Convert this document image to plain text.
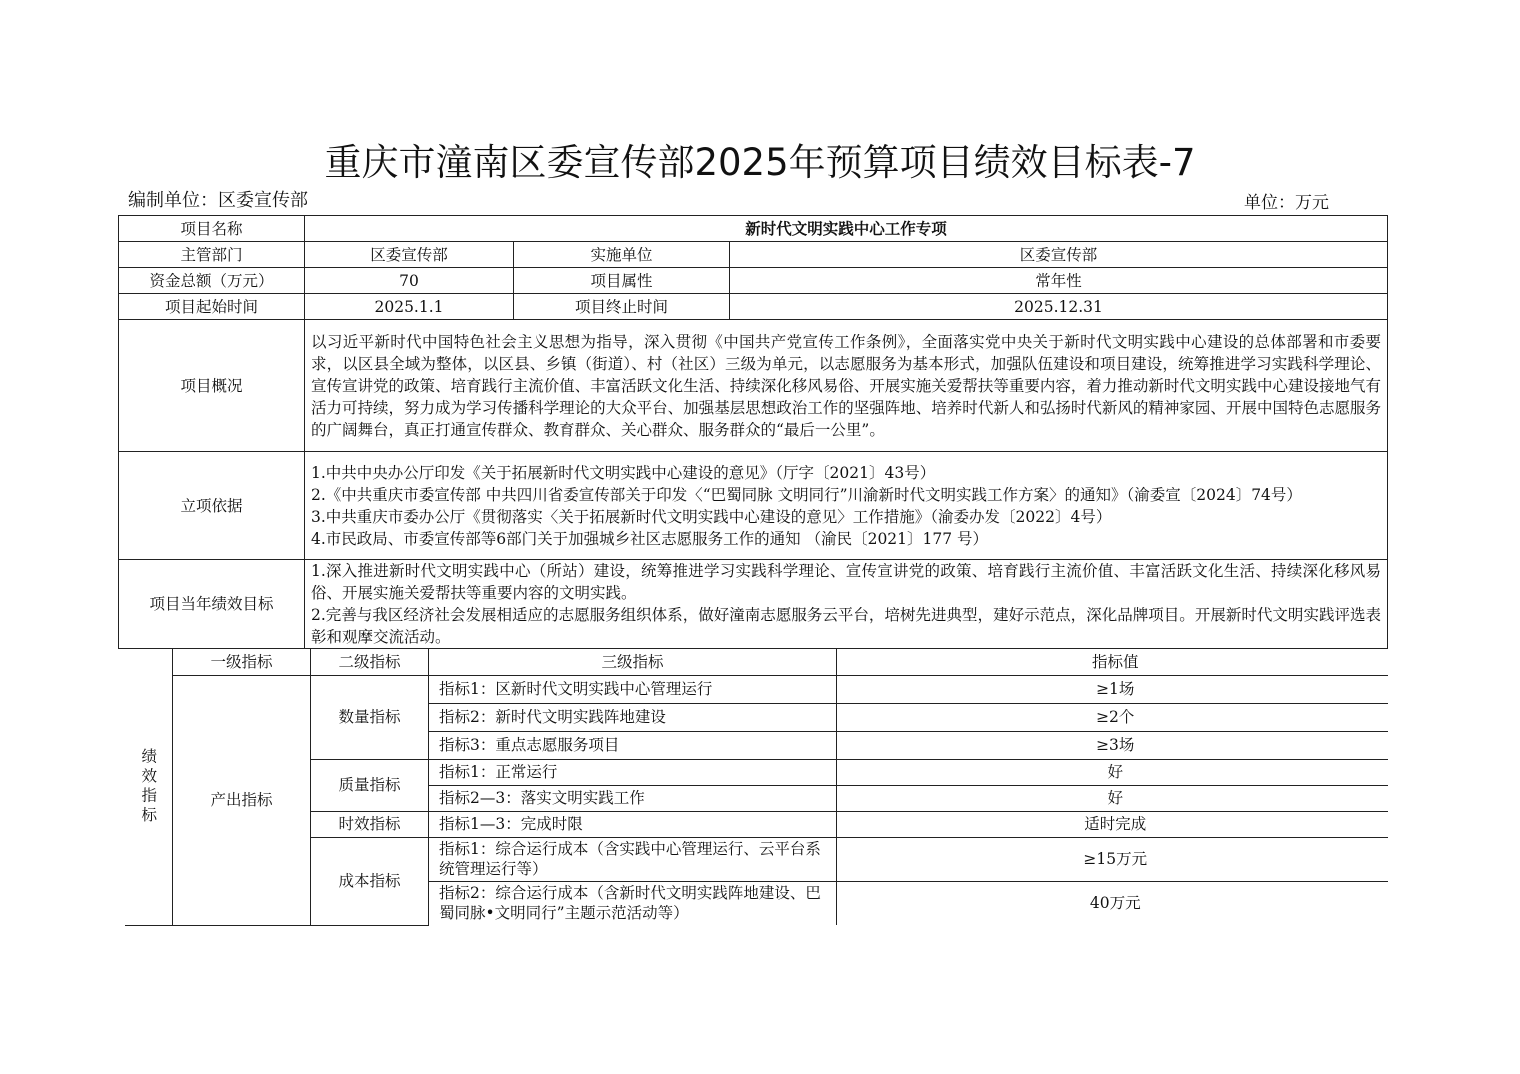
重庆市潼南区委宣传部2025年预算项目绩效目标表-7
编制单位：区委宣传部	单位：万元
项目名称	新时代文明实践中心工作专项
主管部门	区委宣传部	实施单位	区委宣传部
资金总额（万元）	70	项目属性	常年性
项目起始时间	2025.1.1	项目终止时间	2025.12.31
项目概况	以习近平新时代中国特色社会主义思想为指导，深入贯彻《中国共产党宣传工作条例》，全面落实党中央关于新时代文明实践中心建设的总体部署和市委要求，以区县全域为整体，以区县、乡镇（街道）、村（社区）三级为单元，以志愿服务为基本形式，加强队伍建设和项目建设，统筹推进学习实践科学理论、宣传宣讲党的政策、培育践行主流价值、丰富活跃文化生活、持续深化移风易俗、开展实施关爱帮扶等重要内容，着力推动新时代文明实践中心建设接地气有活力可持续，努力成为学习传播科学理论的大众平台、加强基层思想政治工作的坚强阵地、培养时代新人和弘扬时代新风的精神家园、开展中国特色志愿服务的广阔舞台，真正打通宣传群众、教育群众、关心群众、服务群众的“最后一公里”。
立项依据	
1.中共中央办公厅印发《关于拓展新时代文明实践中心建设的意见》（厅字〔2021〕43号）
2.《中共重庆市委宣传部 中共四川省委宣传部关于印发〈“巴蜀同脉 文明同行”川渝新时代文明实践工作方案〉的通知》（渝委宣〔2024〕74号）
3.中共重庆市委办公厅《贯彻落实〈关于拓展新时代文明实践中心建设的意见〉工作措施》（渝委办发〔2022〕4号）
4.市民政局、市委宣传部等6部门关于加强城乡社区志愿服务工作的通知 （渝民〔2021〕177 号）

项目当年绩效目标	
1.深入推进新时代文明实践中心（所站）建设，统筹推进学习实践科学理论、宣传宣讲党的政策、培育践行主流价值、丰富活跃文化生活、持续深化移风易俗、开展实施关爱帮扶等重要内容的文明实践。
2.完善与我区经济社会发展相适应的志愿服务组织体系，做好潼南志愿服务云平台，培树先进典型，建好示范点，深化品牌项目。开展新时代文明实践评选表彰和观摩交流活动。

绩效指标	一级指标	二级指标	三级指标	指标值
产出指标	数量指标	指标1：区新时代文明实践中心管理运行	≥1场
指标2：新时代文明实践阵地建设	≥2个
指标3：重点志愿服务项目	≥3场
质量指标	指标1：正常运行	好
指标2—3：落实文明实践工作	好
时效指标	指标1—3：完成时限	适时完成
成本指标	指标1：综合运行成本（含实践中心管理运行、云平台系统管理运行等）	≥15万元
指标2：综合运行成本（含新时代文明实践阵地建设、巴蜀同脉•文明同行”主题示范活动等）	40万元
